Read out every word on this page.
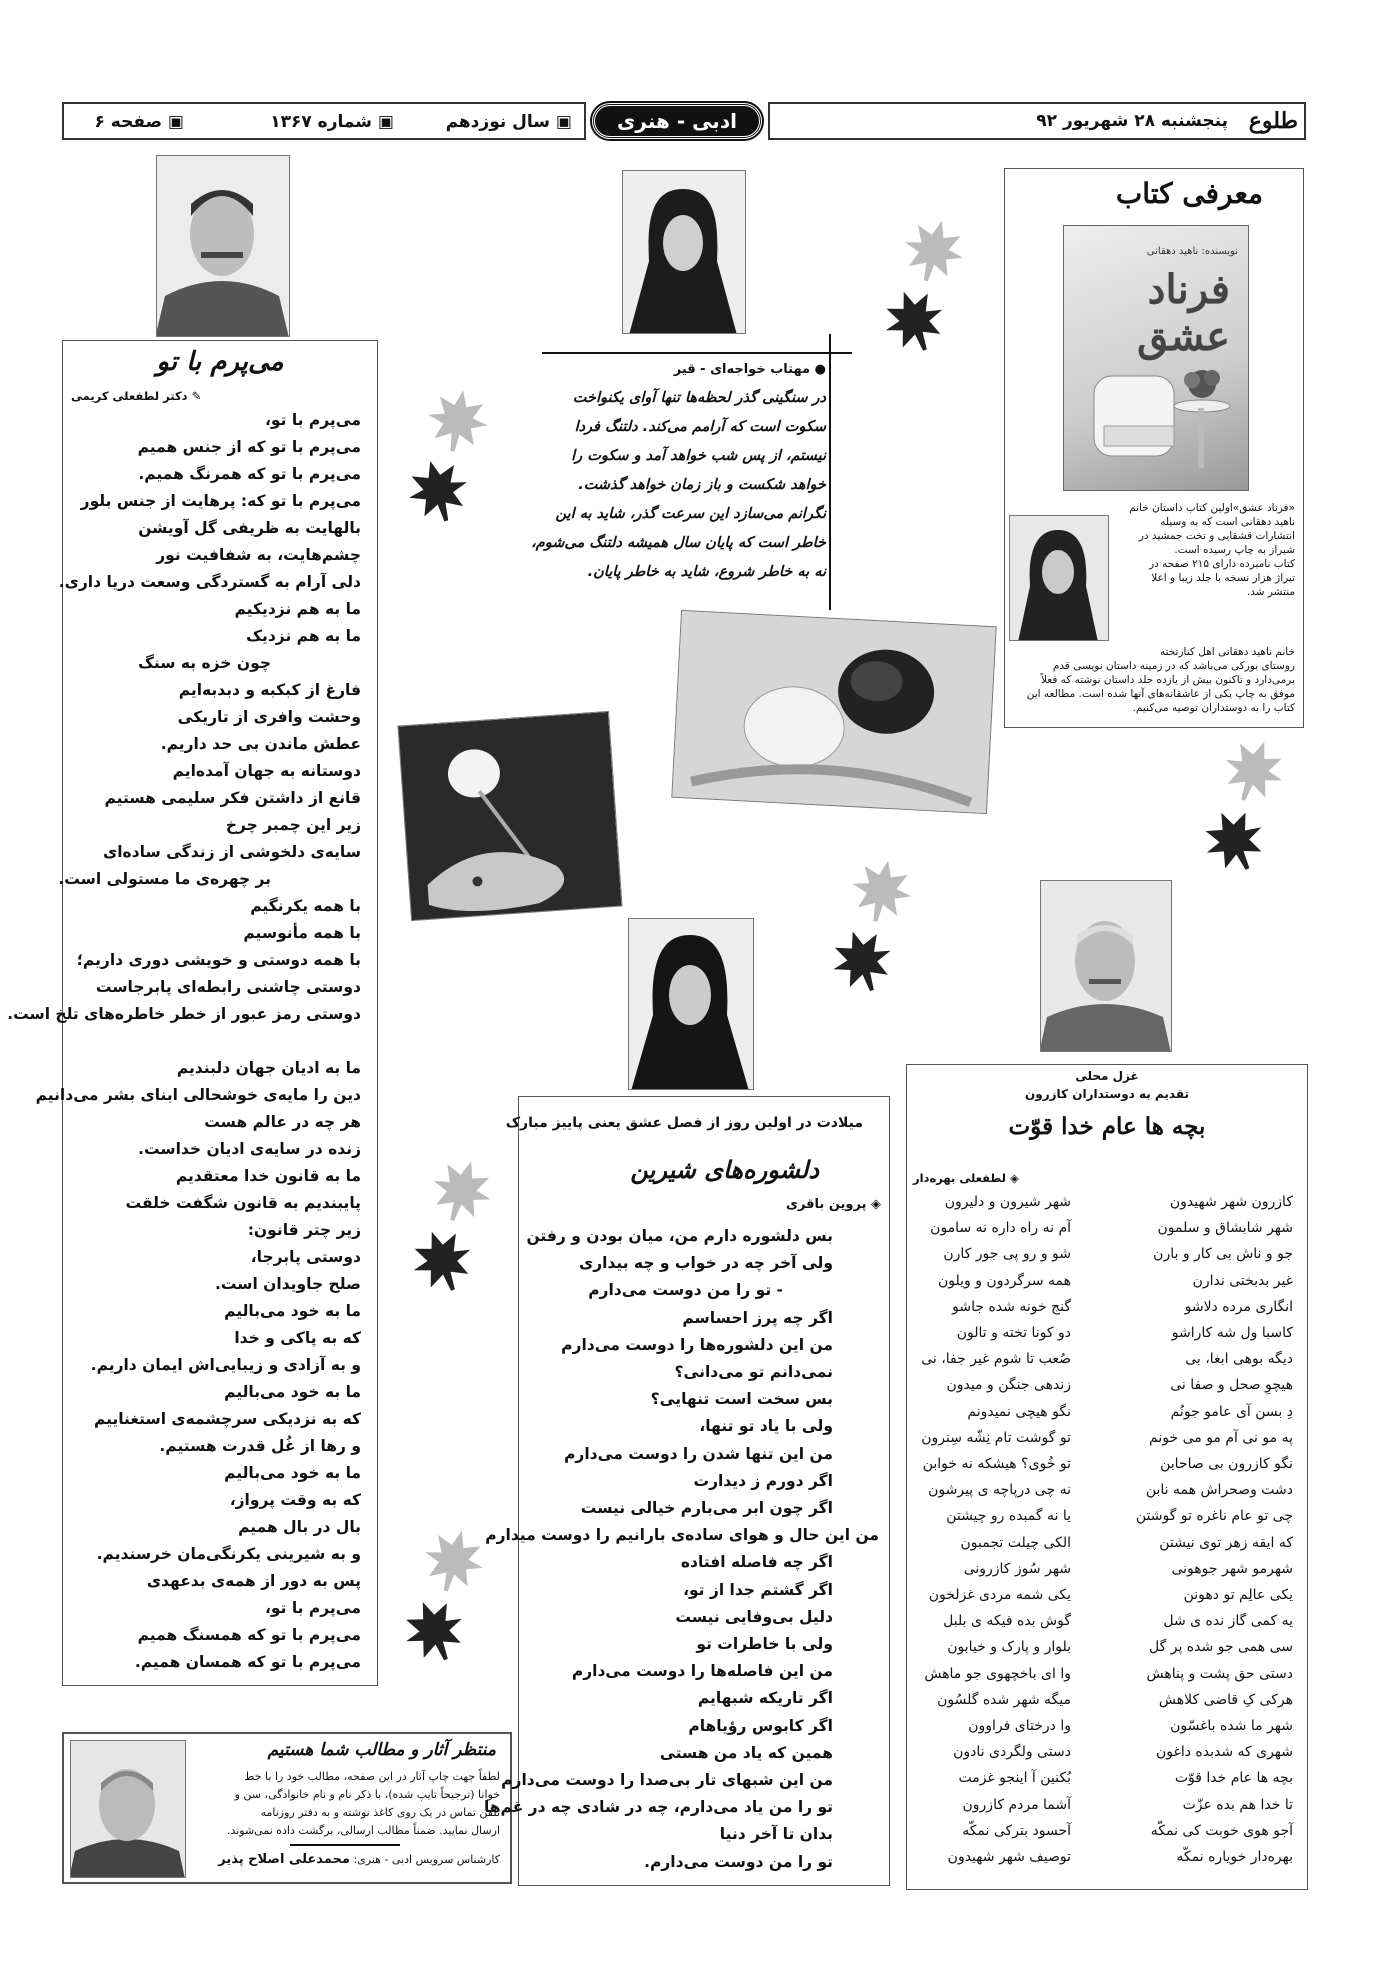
طلوع
پنجشنبه ۲۸ شهریور ۹۲
ادبی - هنری
▣ سال نوزدهم
▣ شماره ۱۳۶۷
▣ صفحه ۶
معرفی کتاب
نویسنده: ناهید دهقانی
فرناد عشق
«فرناد عشق»اولین کتاب داستان خانم
ناهید دهقانی است که به وسیله
انتشارات قشقایی و تخت جمشید در
شیراز به چاپ رسیده است.
کتاب نامبرده دارای ۲۱۵ صفحه در
تیراژ هزار نسخه با جلد زیبا و اعلا
منتشر شد.
خانم ناهید دهقانی اهل کنارتخته
روستای بورکی می‌باشد که در زمینه داستان نویسی قدم
برمی‌دارد و تاکنون بیش از یازده جلد داستان نوشته که فعلاً
موفق به چاپ یکی از عاشقانه‌های آنها شده است. مطالعه این
کتاب را به دوستداران توصیه می‌کنیم.
● مهتاب خواجه‌ای - قیر
در سنگینی گذر لحظه‌ها تنها آوای یکنواخت
سکوت است که آرامم می‌کند. دلتنگ فردا
نیستم، از پس شب خواهد آمد و سکوت را
خواهد شکست و باز زمان خواهد گذشت.
نگرانم می‌سازد این سرعت گذر، شاید به این
خاطر است که پایان سال همیشه دلتنگ می‌شوم،
نه به خاطر شروع، شاید به خاطر پایان.
می‌پرم با تو
✎ دکتر لطفعلی کریمی
می‌پرم با تو،
می‌پرم با تو که از جنس همیم
می‌پرم با تو که همرنگ همیم.
می‌پرم با تو که: پرهایت از جنس بلور
بالهایت به ظریفی گل آویشن
چشم‌هایت، به شفافیت نور
دلی آرام به گستردگی وسعت دریا داری.
ما به هم نزدیکیم
ما به هم نزدیک
چون خزه به سنگ
فارغ از کبکبه و دبدبه‌ایم
وحشت وافری از تاریکی
عطش ماندن بی حد داریم.
دوستانه به جهان آمده‌ایم
قانع از داشتن فکر سلیمی هستیم
زیر این چمبر چرخ
سایه‌ی دلخوشی از زندگی ساده‌ای
بر چهره‌ی ما مستولی است.
با همه یکرنگیم
با همه مأنوسیم
با همه دوستی و خویشی دوری داریم؛
دوستی چاشنی رابطه‌ای پابرجاست
دوستی رمز عبور از خطر خاطره‌های تلخ است.

ما به ادیان جهان دلبندیم
دین را مایه‌ی خوشحالی ابنای بشر می‌دانیم
هر چه در عالم هست
زنده در سایه‌ی ادیان خداست.
ما به قانون خدا معتقدیم
پایبندیم به قانون شگفت خلقت
زیر چتر قانون:
دوستی پابرجا،
صلح جاویدان است.
ما به خود می‌بالیم
که به پاکی و خدا
و به آزادی و زیبایی‌اش ایمان داریم.
ما به خود می‌بالیم
که به نزدیکی سرچشمه‌ی استغناییم
و رها از غُل قدرت هستیم.
ما به خود می‌بالیم
که به وقت پرواز،
بال در بال همیم
و به شیرینی یکرنگی‌مان خرسندیم.
پس به دور از همه‌ی بدعهدی
می‌پرم با تو،
می‌پرم با تو که همسنگ همیم
می‌پرم با تو که همسان همیم.
منتظر آثار و مطالب شما هستیم
لطفاً جهت چاپ آثار در این صفحه، مطالب خود را با خط
خوانا (ترجیحاً تایپ شده)، با ذکر نام و نام خانوادگی، سن و
تلفن تماس در یک روی کاغذ نوشته و به دفتر روزنامه
ارسال نمایید. ضمناً مطالب ارسالی، برگشت داده نمی‌شوند.
کارشناس سرویس ادبی - هنری: محمدعلی اصلاح پذیر
میلادت در اولین روز از فصل عشق یعنی پاییز مبارک
دلشوره‌های شیرین
◈ پروین باقری
بس دلشوره دارم من، میان بودن و رفتن
ولی آخر چه در خواب و چه بیداری
- تو را من دوست می‌دارم
اگر چه پرز احساسم
من این دلشوره‌ها را دوست می‌دارم
نمی‌دانم تو می‌دانی؟
بس سخت است تنهایی؟
ولی با یاد تو تنها،
من این تنها شدن را دوست می‌دارم
اگر دورم ز دیدارت
اگر چون ابر می‌بارم خیالی نیست
من این حال و هوای ساده‌ی بارانیم را دوست میدارم
اگر چه فاصله افتاده
اگر گشتم جدا از تو،
دلیل بی‌وفایی نیست
ولی با خاطرات تو
من این فاصله‌ها را دوست می‌دارم
اگر تاریکه شبهایم
اگر کابوس رؤیاهام
همین که یاد من هستی
من این شبهای تار بی‌صدا را دوست می‌دارم
تو را من یاد می‌دارم، چه در شادی چه در غم‌ها
بدان تا آخر دنیا
تو را من دوست می‌دارم.
غزل محلی
تقدیم به دوستداران کازرون
بچه ها عام خدا قوّت
◈ لطفعلی بهره‌دار
کازرون شهر شهیدون
شهر شابشاق و سلمون
جو و ناش بی کار و بارن
غیر بدبختی ندارن
انگاری مرده دلاشو
کاسبا ول شه کاراشو
دیگه بوهی ابغا، بی
هیچوِ صحل و صفا نی
دِ بسن آی عامو جونُم
په مو نی آم مو می خونم
نگو کازرون بی صاحابن
دشت وصحراش همه نابن
چی تو عام ناغره تو گوشتن
که ایقه زهر توی نیشتن
شهرمو شهر جوهونی
یکی عالِم تو دهونن
یه کمی گاز نده ی شل
سی همی جو شده پر گل
دستی حق پشت و پناهش
هرکی کِ قاضی کلاهش
شهر ما شده باغسّون
شهری که شدبده داغون
بچه ها عام خدا قوّت
تا خدا هم بده عزّت
آجو هوی خوبت کی نمکّه
بهره‌دار خویاره نمکّه
شهر شیرون و دلیرون
آم نه راه داره نه سامون
شو و رو پی جور کارن
همه سرگردون و ویلون
گنج خونه شده جاشو
دو کونا تخته و تالون
صُعب تا شوم غیر جفا، نی
زندهی جنگن و میدون
نگو هیچی نمیدونم
تو گوشت تام نِشّه سِنرون
تو خُوی؟ هیشکه نه خوابن
نه چی درپاچه ی پیرشون
یا نه گمبده رو چیشتن
الکی چیلت تجمبون
شهر سُوز کازرونی
یکی شمه مردی غزلخون
گوش بده فیکه ی بلبل
بلوار و پارک و خیابون
وا ای باخچهوی جو ماهش
میگه شهر شده گلسُون
وا درختای فراوون
دستی ولگردی نادون
بُکنین آ اینجو غزمت
آشما مردم کازرون
آحسود بترکی نمکّه
توصیف شهر شهیدون
